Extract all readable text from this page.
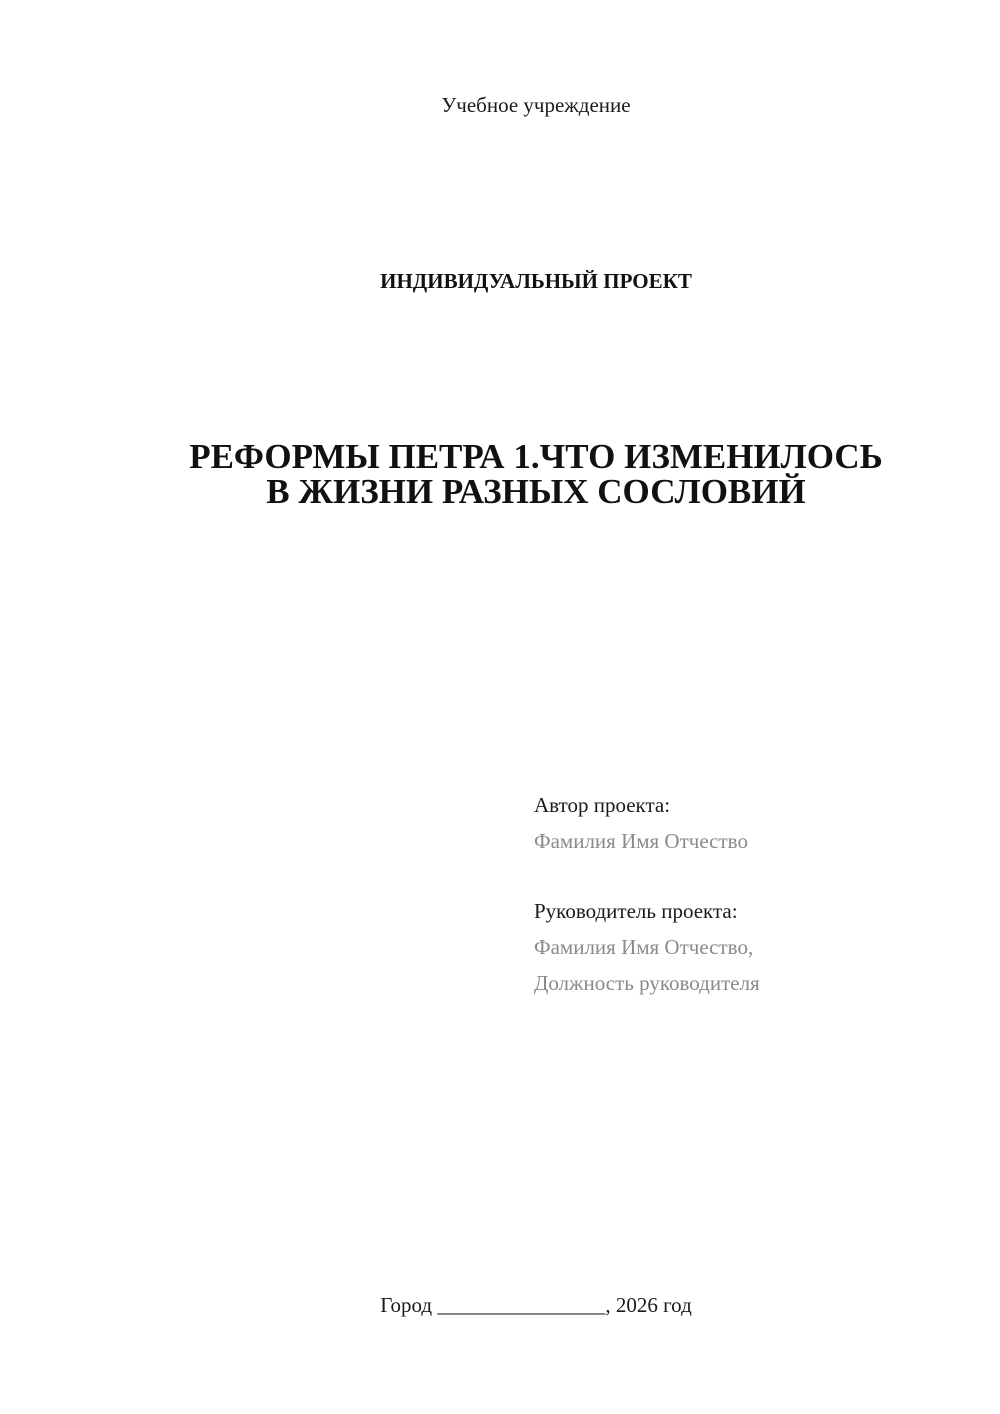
Учебное учреждение
ИНДИВИДУАЛЬНЫЙ ПРОЕКТ
РЕФОРМЫ ПЕТРА 1.ЧТО ИЗМЕНИЛОСЬ
В ЖИЗНИ РАЗНЫХ СОСЛОВИЙ
Автор проекта:
Фамилия Имя Отчество
Руководитель проекта:
Фамилия Имя Отчество,
Должность руководителя
Город ________________, 2026 год
